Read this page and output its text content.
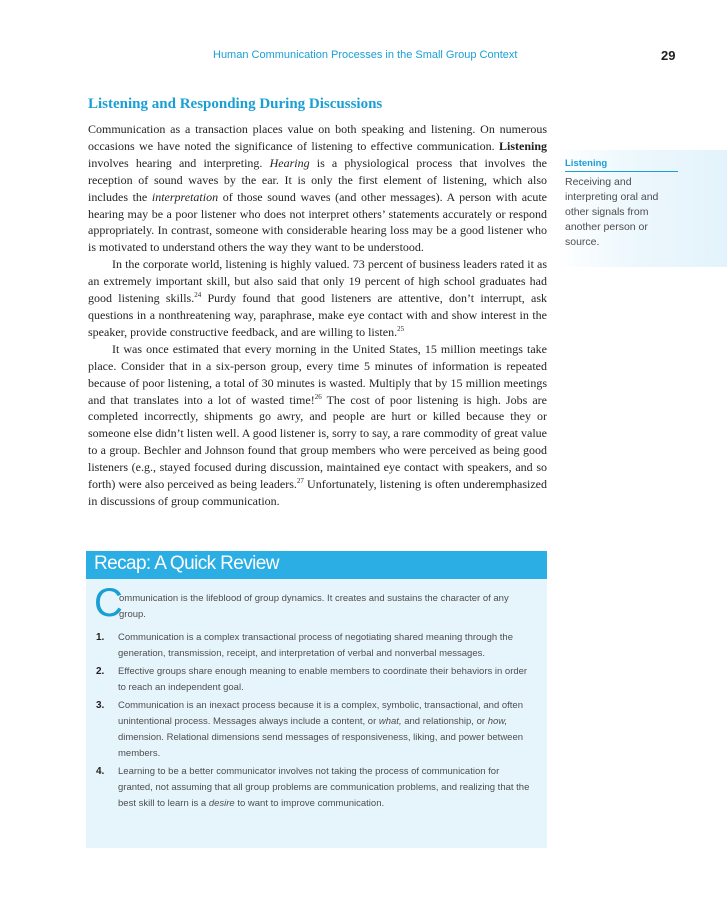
Human Communication Processes in the Small Group Context	29
Listening and Responding During Discussions

Communication as a transaction places value on both speaking and listening. On numerous occasions we have noted the significance of listening to effective communication. Listening involves hearing and interpreting. Hearing is a physiological process that involves the reception of sound waves by the ear. It is only the first element of listening, which also includes the interpretation of those sound waves (and other messages). A person with acute hearing may be a poor listener who does not interpret others’ statements accurately or respond appropriately. In contrast, someone with considerable hearing loss may be a good listener who is motivated to understand others the way they want to be understood.

In the corporate world, listening is highly valued. 73 percent of business leaders rated it as an extremely important skill, but also said that only 19 percent of high school graduates had good listening skills.$^{24}$ Purdy found that good listeners are attentive, don’t interrupt, ask questions in a nonthreatening way, paraphrase, make eye contact with and show interest in the speaker, provide constructive feedback, and are willing to listen.$^{25}$

It was once estimated that every morning in the United States, 15 million meetings take place. Consider that in a six-person group, every time 5 minutes of information is repeated because of poor listening, a total of 30 minutes is wasted. Multiply that by 15 million meetings and that translates into a lot of wasted time!$^{26}$ The cost of poor listening is high. Jobs are completed incorrectly, shipments go awry, and people are hurt or killed because they or someone else didn’t listen well. A good listener is, sorry to say, a rare commodity of great value to a group. Bechler and Johnson found that group members who were perceived as being good listeners (e.g., stayed focused during discussion, maintained eye contact with speakers, and so forth) were also perceived as being leaders.$^{27}$ Unfortunately, listening is often underemphasized in discussions of group communication.

Listening
Receiving and interpreting oral and other signals from another person or source.
Recap: A Quick Review
C
ommunication is the lifeblood of group dynamics. It creates and sustains the character of any group.
1. Communication is a complex transactional process of negotiating shared meaning through the generation, transmission, receipt, and interpretation of verbal and nonverbal messages.
2. Effective groups share enough meaning to enable members to coordinate their behaviors in order to reach an independent goal.
3. Communication is an inexact process because it is a complex, symbolic, transactional, and often unintentional process. Messages always include a content, or what, and relationship, or how, dimension. Relational dimensions send messages of responsiveness, liking, and power between members.
4. Learning to be a better communicator involves not taking the process of communication for granted, not assuming that all group problems are communication problems, and realizing that the best skill to learn is a desire to want to improve communication.
